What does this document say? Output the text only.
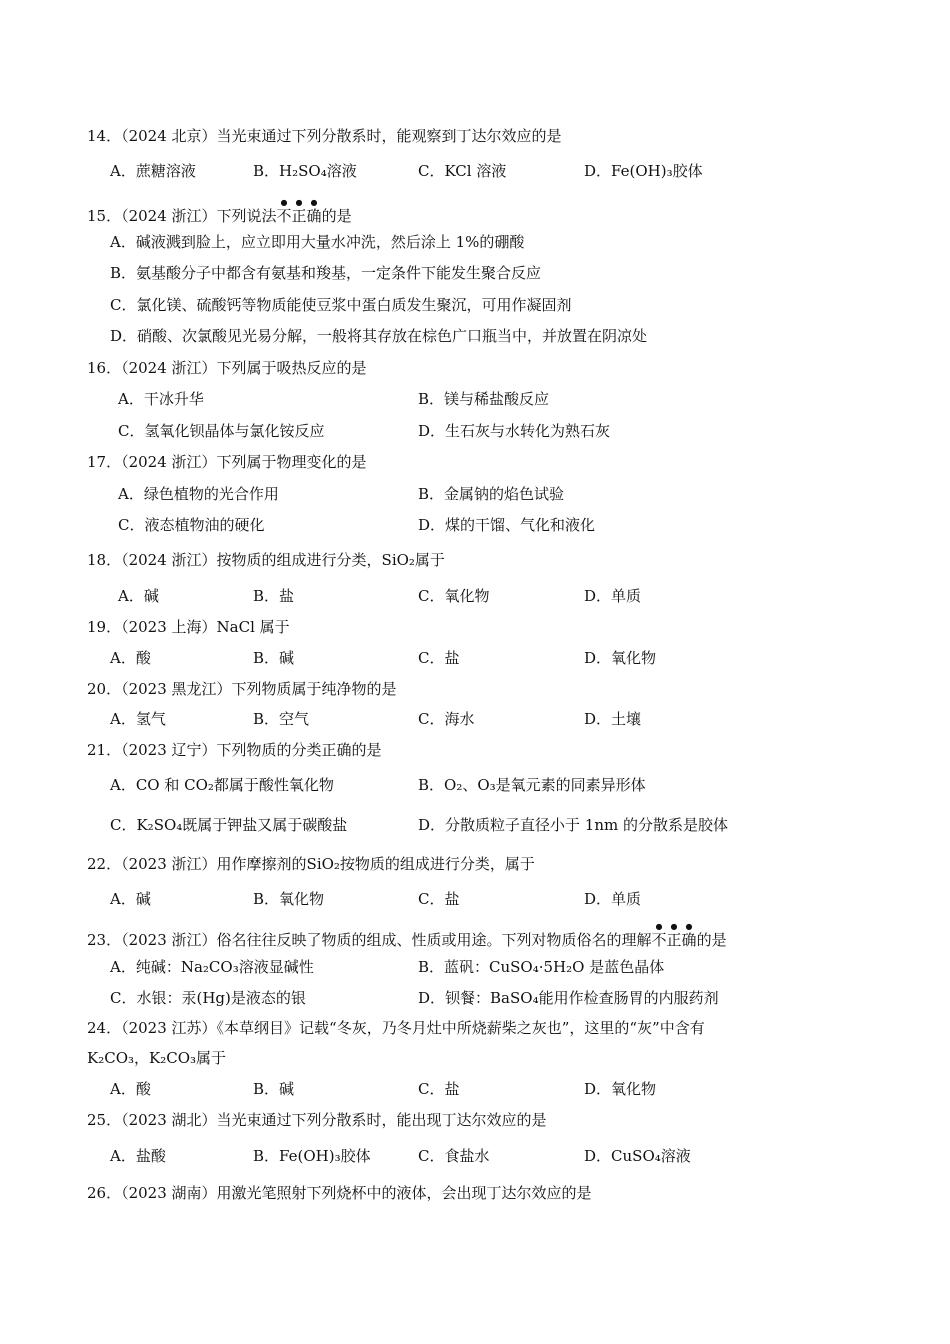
14．（2024 北京）当光束通过下列分散系时，能观察到丁达尔效应的是
A．蔗糖溶液	B．H₂SO₄溶液	C．KCl 溶液	D．Fe(OH)₃胶体
15．（2024 浙江）下列说法不正确的是
A．碱液溅到脸上，应立即用大量水冲洗，然后涂上 1%的硼酸
B．氨基酸分子中都含有氨基和羧基，一定条件下能发生聚合反应
C．氯化镁、硫酸钙等物质能使豆浆中蛋白质发生聚沉，可用作凝固剂
D．硝酸、次氯酸见光易分解，一般将其存放在棕色广口瓶当中，并放置在阴凉处
16．（2024 浙江）下列属于吸热反应的是
A．干冰升华	B．镁与稀盐酸反应
C．氢氧化钡晶体与氯化铵反应	D．生石灰与水转化为熟石灰
17．（2024 浙江）下列属于物理变化的是
A．绿色植物的光合作用	B．金属钠的焰色试验
C．液态植物油的硬化	D．煤的干馏、气化和液化
18．（2024 浙江）按物质的组成进行分类，SiO₂属于
A．碱	B．盐	C．氧化物	D．单质
19．（2023 上海）NaCl 属于
A．酸	B．碱	C．盐	D．氧化物
20．（2023 黑龙江）下列物质属于纯净物的是
A．氢气	B．空气	C．海水	D．土壤
21．（2023 辽宁）下列物质的分类正确的是
A．CO 和 CO₂都属于酸性氧化物	B．O₂、O₃是氧元素的同素异形体
C．K₂SO₄既属于钾盐又属于碳酸盐	D．分散质粒子直径小于 1nm 的分散系是胶体
22．（2023 浙江）用作摩擦剂的SiO₂按物质的组成进行分类，属于
A．碱	B．氧化物	C．盐	D．单质
23．（2023 浙江）俗名往往反映了物质的组成、性质或用途。下列对物质俗名的理解不正确的是
A．纯碱：Na₂CO₃溶液显碱性	B．蓝矾：CuSO₄·5H₂O 是蓝色晶体
C．水银：汞(Hg)是液态的银	D．钡餐：BaSO₄能用作检查肠胃的内服药剂
24．（2023 江苏）《本草纲目》记载“冬灰，乃冬月灶中所烧薪柴之灰也”，这里的“灰”中含有
K₂CO₃，K₂CO₃属于
A．酸	B．碱	C．盐	D．氧化物
25．（2023 湖北）当光束通过下列分散系时，能出现丁达尔效应的是
A．盐酸	B．Fe(OH)₃胶体	C．食盐水	D．CuSO₄溶液
26．（2023 湖南）用激光笔照射下列烧杯中的液体，会出现丁达尔效应的是
